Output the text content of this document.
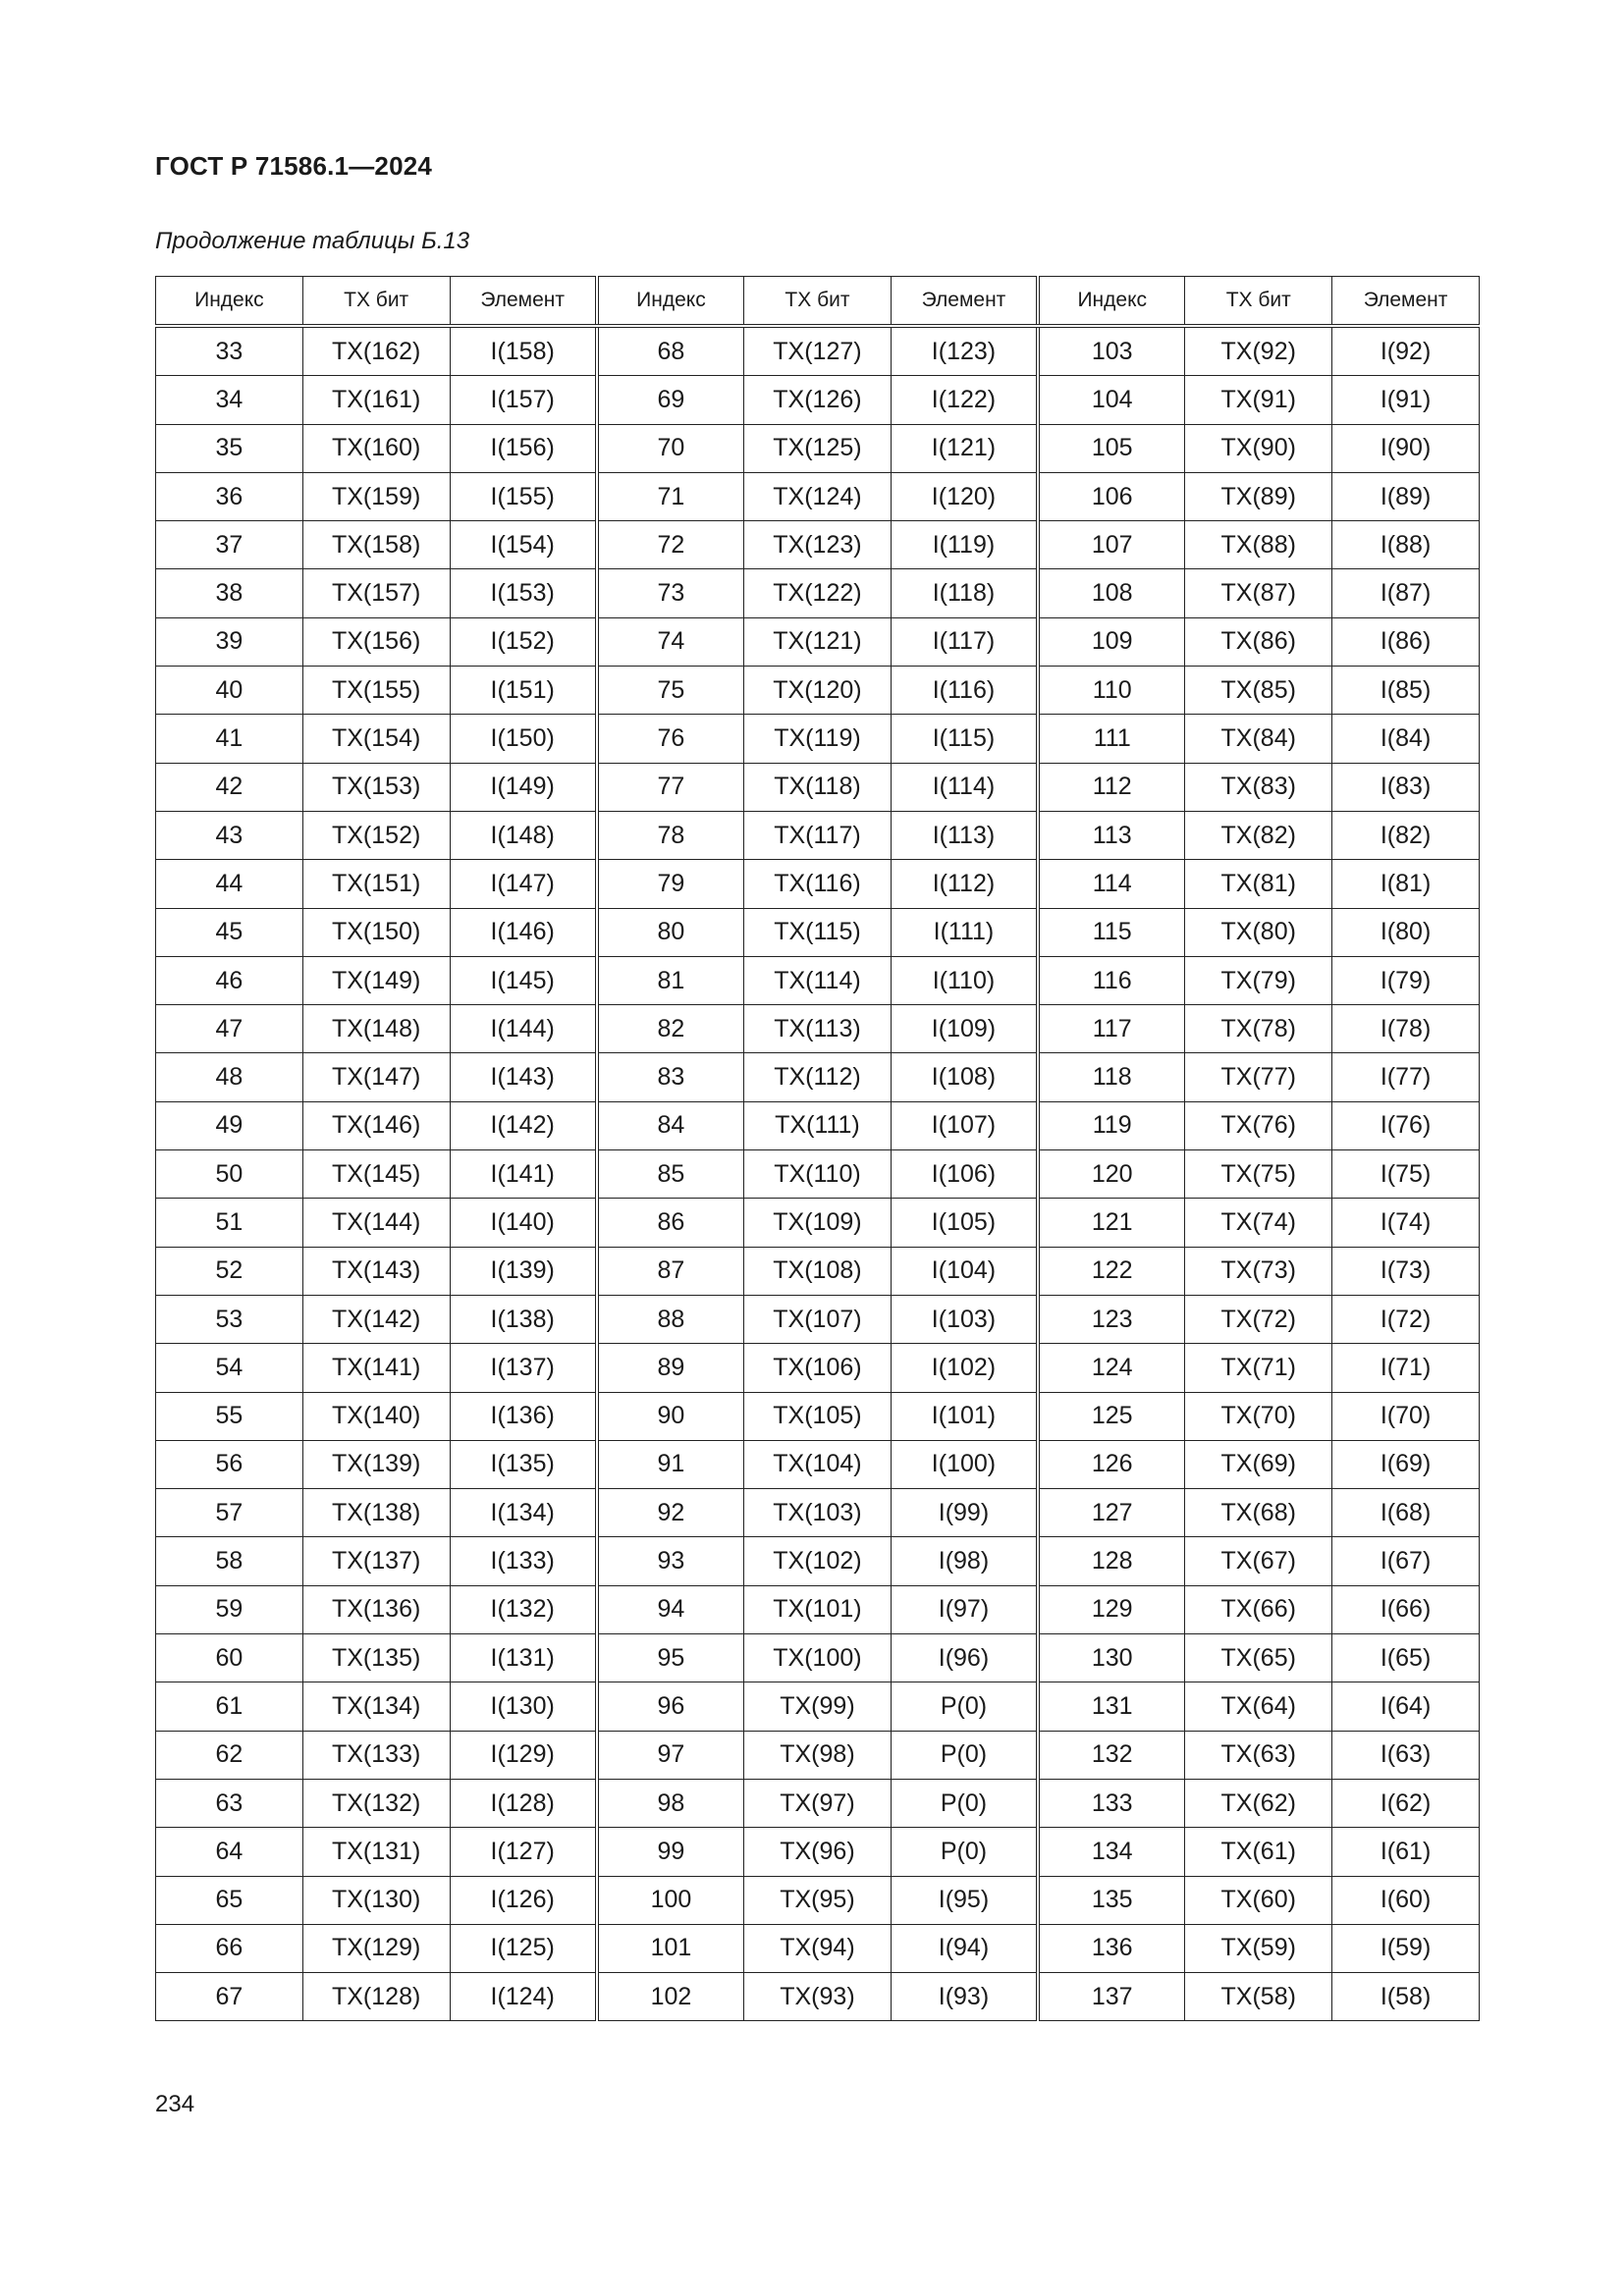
ГОСТ Р 71586.1—2024
Продолжение таблицы Б.13
Индекс	ТХ бит	Элемент	Индекс	ТХ бит	Элемент	Индекс	ТХ бит	Элемент
33	TX(162)	I(158)	68	TX(127)	I(123)	103	TX(92)	I(92)
34	TX(161)	I(157)	69	TX(126)	I(122)	104	TX(91)	I(91)
35	TX(160)	I(156)	70	TX(125)	I(121)	105	TX(90)	I(90)
36	TX(159)	I(155)	71	TX(124)	I(120)	106	TX(89)	I(89)
37	TX(158)	I(154)	72	TX(123)	I(119)	107	TX(88)	I(88)
38	TX(157)	I(153)	73	TX(122)	I(118)	108	TX(87)	I(87)
39	TX(156)	I(152)	74	TX(121)	I(117)	109	TX(86)	I(86)
40	TX(155)	I(151)	75	TX(120)	I(116)	110	TX(85)	I(85)
41	TX(154)	I(150)	76	TX(119)	I(115)	111	TX(84)	I(84)
42	TX(153)	I(149)	77	TX(118)	I(114)	112	TX(83)	I(83)
43	TX(152)	I(148)	78	TX(117)	I(113)	113	TX(82)	I(82)
44	TX(151)	I(147)	79	TX(116)	I(112)	114	TX(81)	I(81)
45	TX(150)	I(146)	80	TX(115)	I(111)	115	TX(80)	I(80)
46	TX(149)	I(145)	81	TX(114)	I(110)	116	TX(79)	I(79)
47	TX(148)	I(144)	82	TX(113)	I(109)	117	TX(78)	I(78)
48	TX(147)	I(143)	83	TX(112)	I(108)	118	TX(77)	I(77)
49	TX(146)	I(142)	84	TX(111)	I(107)	119	TX(76)	I(76)
50	TX(145)	I(141)	85	TX(110)	I(106)	120	TX(75)	I(75)
51	TX(144)	I(140)	86	TX(109)	I(105)	121	TX(74)	I(74)
52	TX(143)	I(139)	87	TX(108)	I(104)	122	TX(73)	I(73)
53	TX(142)	I(138)	88	TX(107)	I(103)	123	TX(72)	I(72)
54	TX(141)	I(137)	89	TX(106)	I(102)	124	TX(71)	I(71)
55	TX(140)	I(136)	90	TX(105)	I(101)	125	TX(70)	I(70)
56	TX(139)	I(135)	91	TX(104)	I(100)	126	TX(69)	I(69)
57	TX(138)	I(134)	92	TX(103)	I(99)	127	TX(68)	I(68)
58	TX(137)	I(133)	93	TX(102)	I(98)	128	TX(67)	I(67)
59	TX(136)	I(132)	94	TX(101)	I(97)	129	TX(66)	I(66)
60	TX(135)	I(131)	95	TX(100)	I(96)	130	TX(65)	I(65)
61	TX(134)	I(130)	96	TX(99)	P(0)	131	TX(64)	I(64)
62	TX(133)	I(129)	97	TX(98)	P(0)	132	TX(63)	I(63)
63	TX(132)	I(128)	98	TX(97)	P(0)	133	TX(62)	I(62)
64	TX(131)	I(127)	99	TX(96)	P(0)	134	TX(61)	I(61)
65	TX(130)	I(126)	100	TX(95)	I(95)	135	TX(60)	I(60)
66	TX(129)	I(125)	101	TX(94)	I(94)	136	TX(59)	I(59)
67	TX(128)	I(124)	102	TX(93)	I(93)	137	TX(58)	I(58)
234
